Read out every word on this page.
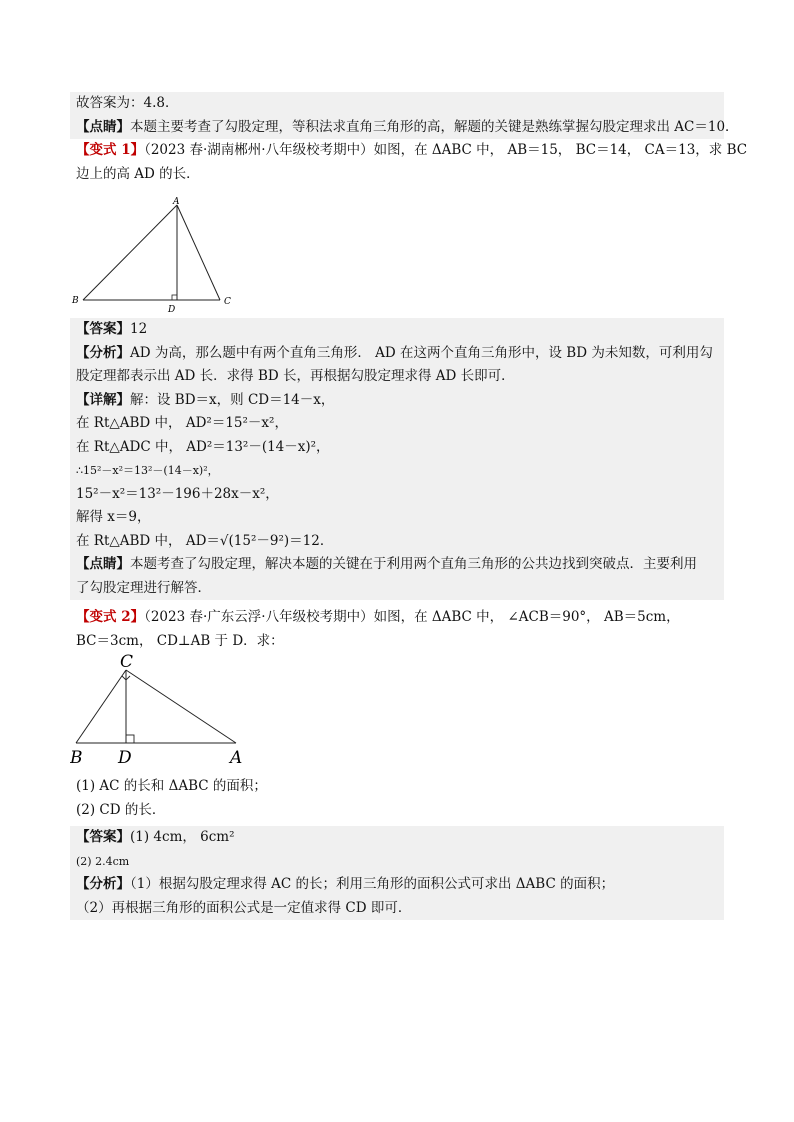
故答案为：4.8．
【点睛】本题主要考查了勾股定理，等积法求直角三角形的高，解题的关键是熟练掌握勾股定理求出 AC＝10．
【变式 1】（2023 春·湖南郴州·八年级校考期中）如图，在 ΔABC 中， AB＝15， BC＝14， CA＝13，求 BC
边上的高 AD 的长．
A
B	C
D
【答案】12
【分析】AD 为高，那么题中有两个直角三角形． AD 在这两个直角三角形中，设 BD 为未知数，可利用勾
股定理都表示出 AD 长．求得 BD 长，再根据勾股定理求得 AD 长即可．
【详解】解：设 BD＝x，则 CD＝14－x，
在 Rt△ABD 中， AD²＝15²－x²，
在 Rt△ADC 中， AD²＝13²－(14－x)²，
∴15²－x²＝13²－(14－x)²，
15²－x²＝13²－196＋28x－x²，
解得 x＝9，
在 Rt△ABD 中， AD＝√(15²－9²)＝12．
【点睛】本题考查了勾股定理，解决本题的关键在于利用两个直角三角形的公共边找到突破点．主要利用
了勾股定理进行解答．
【变式 2】（2023 春·广东云浮·八年级校考期中）如图，在 ΔABC 中， ∠ACB＝90°， AB＝5cm，
BC＝3cm， CD⊥AB 于 D．求：
C
B D	A
(1) AC 的长和 ΔABC 的面积；
(2) CD 的长．
【答案】(1) 4cm， 6cm²
(2) 2.4cm
【分析】（1）根据勾股定理求得 AC 的长；利用三角形的面积公式可求出 ΔABC 的面积；
（2）再根据三角形的面积公式是一定值求得 CD 即可．
